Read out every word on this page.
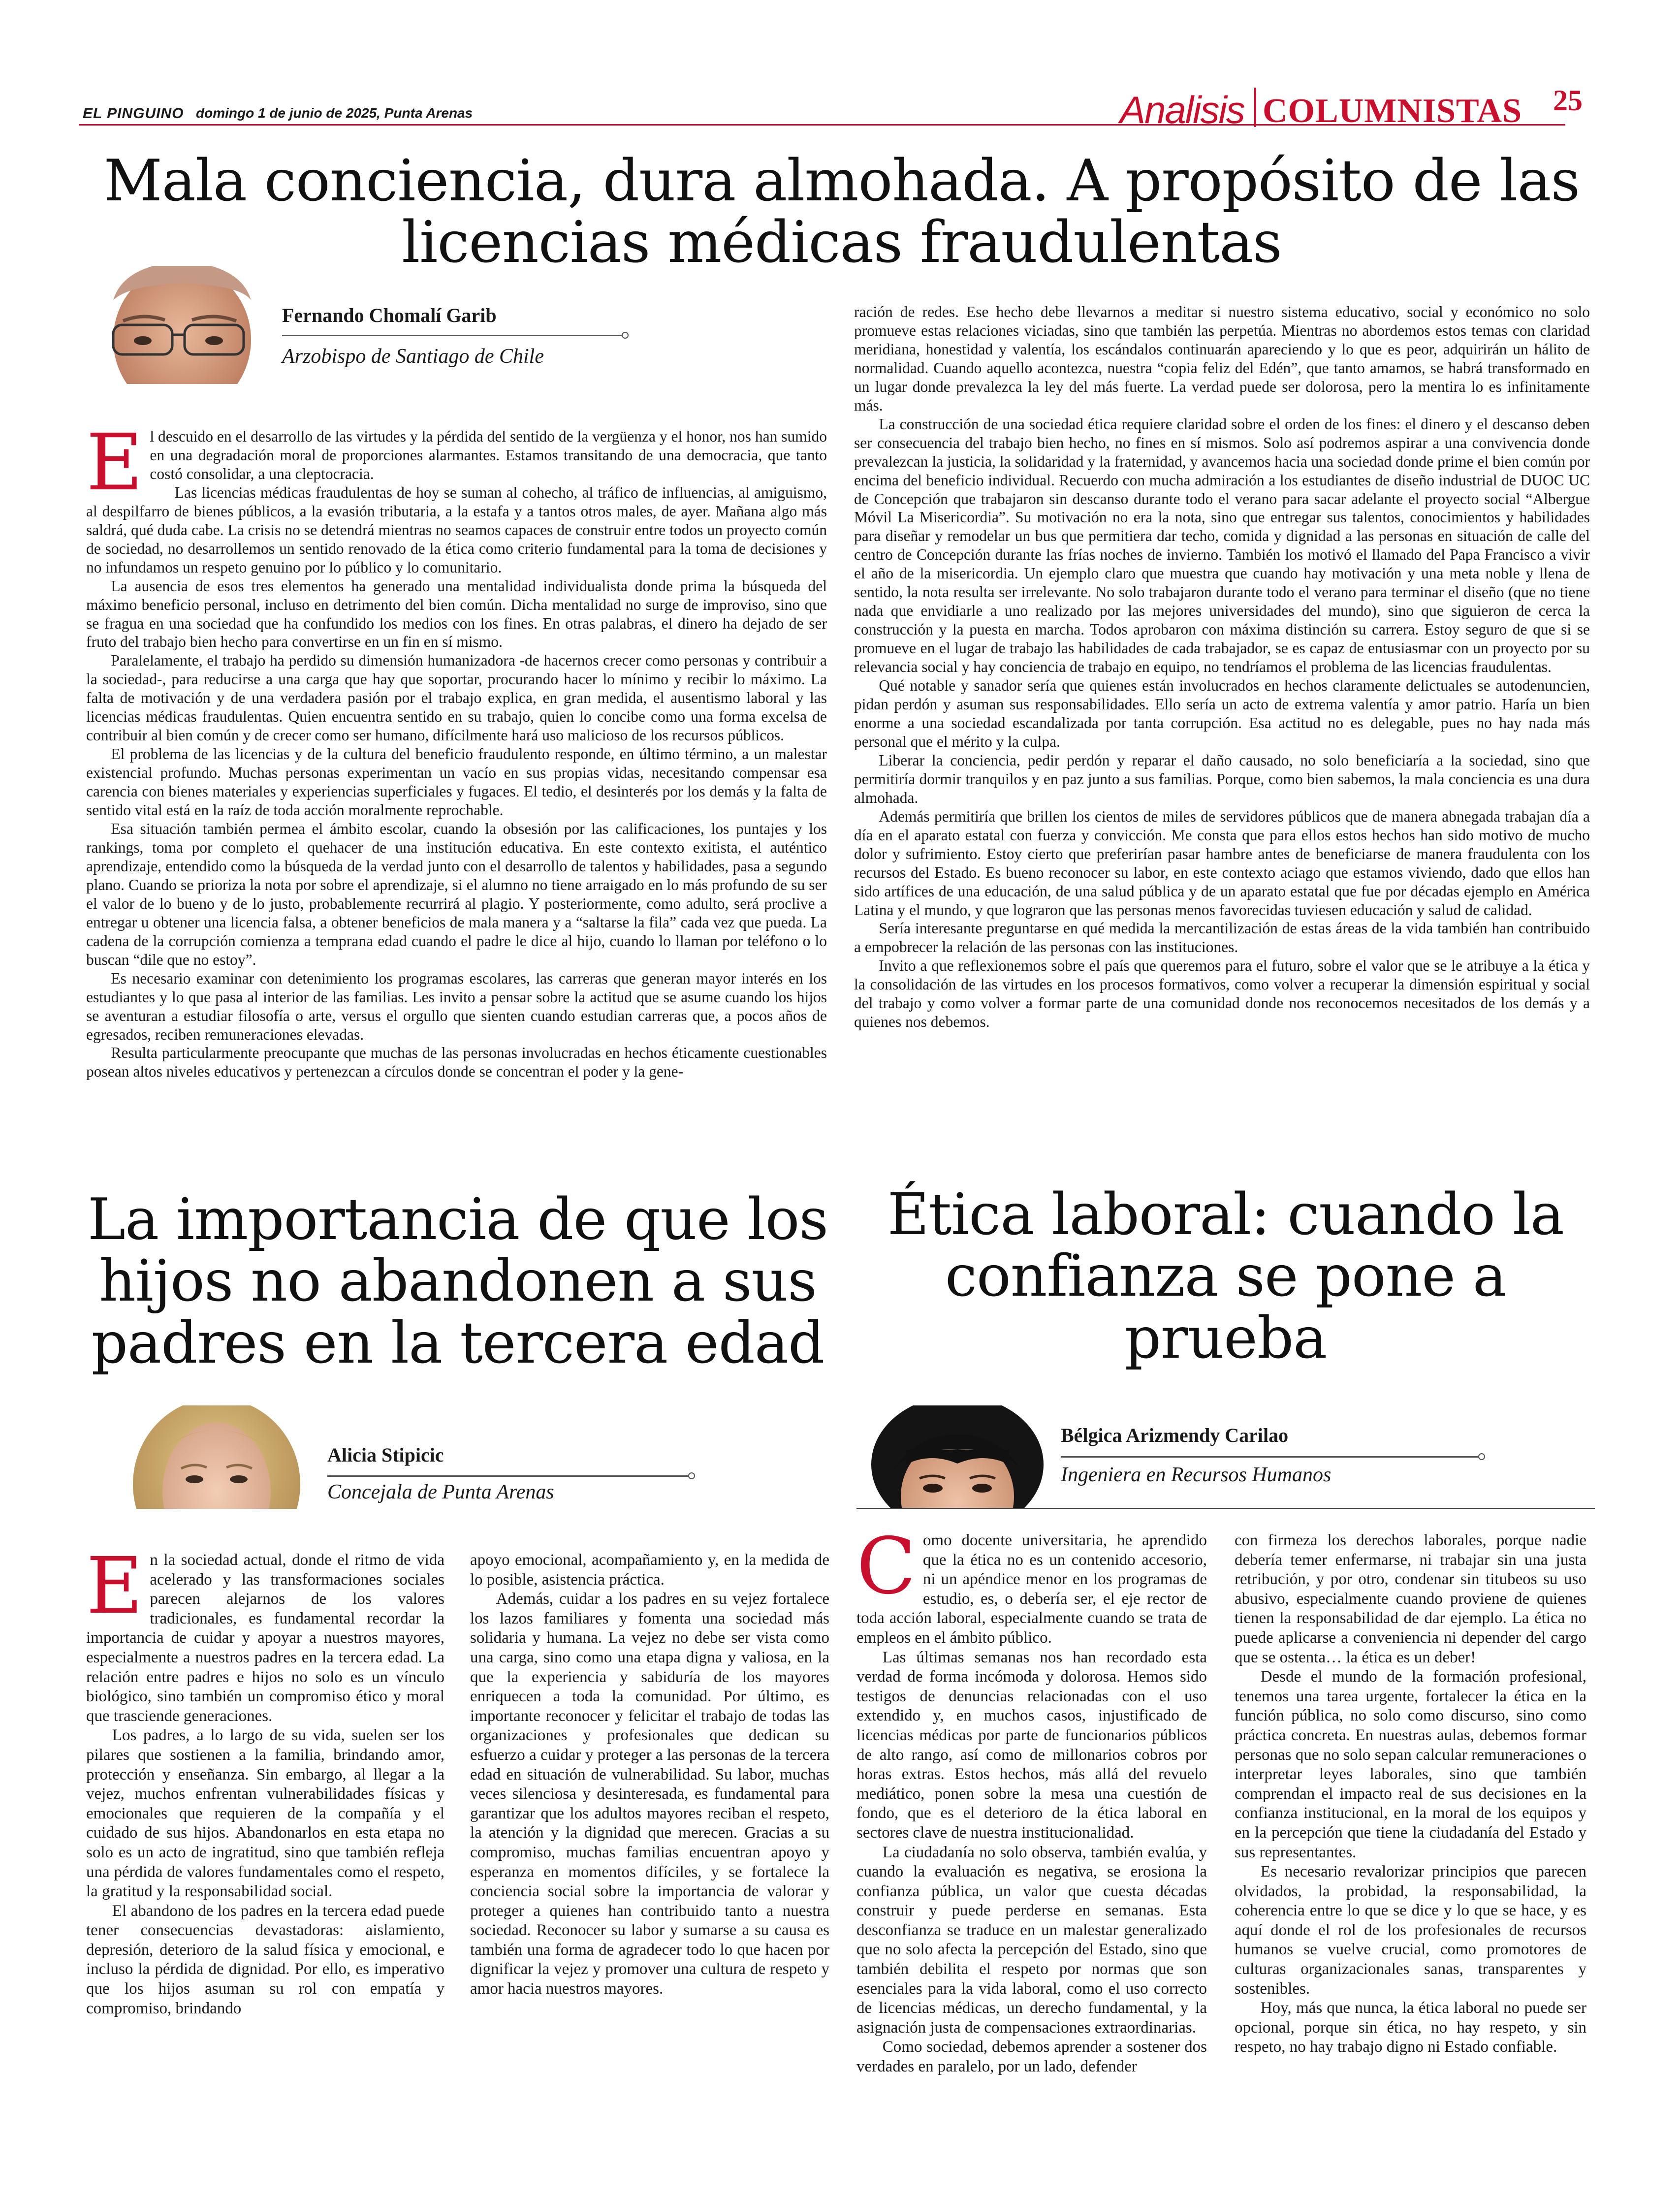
EL PINGUINO domingo 1 de junio de 2025, Punta Arenas	Analisis COLUMNISTAS 25
Mala conciencia, dura almohada. A propósito de las licencias médicas fraudulentas
Fernando Chomalí Garib
Arzobispo de Santiago de Chile
E l descuido en el desarrollo de las virtudes y la pérdida del sentido de la vergüenza y el honor, nos han sumido en una degradación moral de proporciones alarmantes. Estamos transitando de una democracia, que tanto costó consolidar, a una cleptocracia.

Las licencias médicas fraudulentas de hoy se suman al cohecho, al tráfico de influencias, al amiguismo, al despilfarro de bienes públicos, a la evasión tributaria, a la estafa y a tantos otros males, de ayer. Mañana algo más saldrá, qué duda cabe. La crisis no se detendrá mientras no seamos capaces de construir entre todos un proyecto común de sociedad, no desarrollemos un sentido renovado de la ética como criterio fundamental para la toma de decisiones y no infundamos un respeto genuino por lo público y lo comunitario.

La ausencia de esos tres elementos ha generado una mentalidad individualista donde prima la búsqueda del máximo beneficio personal, incluso en detrimento del bien común. Dicha mentalidad no surge de improviso, sino que se fragua en una sociedad que ha confundido los medios con los fines. En otras palabras, el dinero ha dejado de ser fruto del trabajo bien hecho para convertirse en un fin en sí mismo.

Paralelamente, el trabajo ha perdido su dimensión humanizadora -de hacernos crecer como personas y contribuir a la sociedad-, para reducirse a una carga que hay que soportar, procurando hacer lo mínimo y recibir lo máximo. La falta de motivación y de una verdadera pasión por el trabajo explica, en gran medida, el ausentismo laboral y las licencias médicas fraudulentas. Quien encuentra sentido en su trabajo, quien lo concibe como una forma excelsa de contribuir al bien común y de crecer como ser humano, difícilmente hará uso malicioso de los recursos públicos.

El problema de las licencias y de la cultura del beneficio fraudulento responde, en último término, a un malestar existencial profundo. Muchas personas experimentan un vacío en sus propias vidas, necesitando compensar esa carencia con bienes materiales y experiencias superficiales y fugaces. El tedio, el desinterés por los demás y la falta de sentido vital está en la raíz de toda acción moralmente reprochable.

Esa situación también permea el ámbito escolar, cuando la obsesión por las calificaciones, los puntajes y los rankings, toma por completo el quehacer de una institución educativa. En este contexto exitista, el auténtico aprendizaje, entendido como la búsqueda de la verdad junto con el desarrollo de talentos y habilidades, pasa a segundo plano. Cuando se prioriza la nota por sobre el aprendizaje, si el alumno no tiene arraigado en lo más profundo de su ser el valor de lo bueno y de lo justo, probablemente recurrirá al plagio. Y posteriormente, como adulto, será proclive a entregar u obtener una licencia falsa, a obtener beneficios de mala manera y a “saltarse la fila” cada vez que pueda. La cadena de la corrupción comienza a temprana edad cuando el padre le dice al hijo, cuando lo llaman por teléfono o lo buscan “dile que no estoy”.

Es necesario examinar con detenimiento los programas escolares, las carreras que generan mayor interés en los estudiantes y lo que pasa al interior de las familias. Les invito a pensar sobre la actitud que se asume cuando los hijos se aventuran a estudiar filosofía o arte, versus el orgullo que sienten cuando estudian carreras que, a pocos años de egresados, reciben remuneraciones elevadas.

Resulta particularmente preocupante que muchas de las personas involucradas en hechos éticamente cuestionables posean altos niveles educativos y pertenezcan a círculos donde se concentran el poder y la gene-

ración de redes. Ese hecho debe llevarnos a meditar si nuestro sistema educativo, social y económico no solo promueve estas relaciones viciadas, sino que también las perpetúa. Mientras no abordemos estos temas con claridad meridiana, honestidad y valentía, los escándalos continuarán apareciendo y lo que es peor, adquirirán un hálito de normalidad. Cuando aquello acontezca, nuestra “copia feliz del Edén”, que tanto amamos, se habrá transformado en un lugar donde prevalezca la ley del más fuerte. La verdad puede ser dolorosa, pero la mentira lo es infinitamente más.

La construcción de una sociedad ética requiere claridad sobre el orden de los fines: el dinero y el descanso deben ser consecuencia del trabajo bien hecho, no fines en sí mismos. Solo así podremos aspirar a una convivencia donde prevalezcan la justicia, la solidaridad y la fraternidad, y avancemos hacia una sociedad donde prime el bien común por encima del beneficio individual. Recuerdo con mucha admiración a los estudiantes de diseño industrial de DUOC UC de Concepción que trabajaron sin descanso durante todo el verano para sacar adelante el proyecto social “Albergue Móvil La Misericordia”. Su motivación no era la nota, sino que entregar sus talentos, conocimientos y habilidades para diseñar y remodelar un bus que permitiera dar techo, comida y dignidad a las personas en situación de calle del centro de Concepción durante las frías noches de invierno. También los motivó el llamado del Papa Francisco a vivir el año de la misericordia. Un ejemplo claro que muestra que cuando hay motivación y una meta noble y llena de sentido, la nota resulta ser irrelevante. No solo trabajaron durante todo el verano para terminar el diseño (que no tiene nada que envidiarle a uno realizado por las mejores universidades del mundo), sino que siguieron de cerca la construcción y la puesta en marcha. Todos aprobaron con máxima distinción su carrera. Estoy seguro de que si se promueve en el lugar de trabajo las habilidades de cada trabajador, se es capaz de entusiasmar con un proyecto por su relevancia social y hay conciencia de trabajo en equipo, no tendríamos el problema de las licencias fraudulentas.

Qué notable y sanador sería que quienes están involucrados en hechos claramente delictuales se autodenuncien, pidan perdón y asuman sus responsabilidades. Ello sería un acto de extrema valentía y amor patrio. Haría un bien enorme a una sociedad escandalizada por tanta corrupción. Esa actitud no es delegable, pues no hay nada más personal que el mérito y la culpa.

Liberar la conciencia, pedir perdón y reparar el daño causado, no solo beneficiaría a la sociedad, sino que permitiría dormir tranquilos y en paz junto a sus familias. Porque, como bien sabemos, la mala conciencia es una dura almohada.

Además permitiría que brillen los cientos de miles de servidores públicos que de manera abnegada trabajan día a día en el aparato estatal con fuerza y convicción. Me consta que para ellos estos hechos han sido motivo de mucho dolor y sufrimiento. Estoy cierto que preferirían pasar hambre antes de beneficiarse de manera fraudulenta con los recursos del Estado. Es bueno reconocer su labor, en este contexto aciago que estamos viviendo, dado que ellos han sido artífices de una educación, de una salud pública y de un aparato estatal que fue por décadas ejemplo en América Latina y el mundo, y que lograron que las personas menos favorecidas tuviesen educación y salud de calidad.

Sería interesante preguntarse en qué medida la mercantilización de estas áreas de la vida también han contribuido a empobrecer la relación de las personas con las instituciones.

Invito a que reflexionemos sobre el país que queremos para el futuro, sobre el valor que se le atribuye a la ética y la consolidación de las virtudes en los procesos formativos, como volver a recuperar la dimensión espiritual y social del trabajo y como volver a formar parte de una comunidad donde nos reconocemos necesitados de los demás y a quienes nos debemos.

La importancia de que los hijos no abandonen a sus padres en la tercera edad
Alicia Stipicic
Concejala de Punta Arenas
E n la sociedad actual, donde el ritmo de vida acelerado y las transformaciones sociales parecen alejarnos de los valores tradicionales, es fundamental recordar la importancia de cuidar y apoyar a nuestros mayores, especialmente a nuestros padres en la tercera edad. La relación entre padres e hijos no solo es un vínculo biológico, sino también un compromiso ético y moral que trasciende generaciones.

Los padres, a lo largo de su vida, suelen ser los pilares que sostienen a la familia, brindando amor, protección y enseñanza. Sin embargo, al llegar a la vejez, muchos enfrentan vulnerabilidades físicas y emocionales que requieren de la compañía y el cuidado de sus hijos. Abandonarlos en esta etapa no solo es un acto de ingratitud, sino que también refleja una pérdida de valores fundamentales como el respeto, la gratitud y la responsabilidad social.

El abandono de los padres en la tercera edad puede tener consecuencias devastadoras: aislamiento, depresión, deterioro de la salud física y emocional, e incluso la pérdida de dignidad. Por ello, es imperativo que los hijos asuman su rol con empatía y compromiso, brindando

apoyo emocional, acompañamiento y, en la medida de lo posible, asistencia práctica.

Además, cuidar a los padres en su vejez fortalece los lazos familiares y fomenta una sociedad más solidaria y humana. La vejez no debe ser vista como una carga, sino como una etapa digna y valiosa, en la que la experiencia y sabiduría de los mayores enriquecen a toda la comunidad. Por último, es importante reconocer y felicitar el trabajo de todas las organizaciones y profesionales que dedican su esfuerzo a cuidar y proteger a las personas de la tercera edad en situación de vulnerabilidad. Su labor, muchas veces silenciosa y desinteresada, es fundamental para garantizar que los adultos mayores reciban el respeto, la atención y la dignidad que merecen. Gracias a su compromiso, muchas familias encuentran apoyo y esperanza en momentos difíciles, y se fortalece la conciencia social sobre la importancia de valorar y proteger a quienes han contribuido tanto a nuestra sociedad. Reconocer su labor y sumarse a su causa es también una forma de agradecer todo lo que hacen por dignificar la vejez y promover una cultura de respeto y amor hacia nuestros mayores.

Ética laboral: cuando la confianza se pone a prueba
Bélgica Arizmendy Carilao
Ingeniera en Recursos Humanos
C omo docente universitaria, he aprendido que la ética no es un contenido accesorio, ni un apéndice menor en los programas de estudio, es, o debería ser, el eje rector de toda acción laboral, especialmente cuando se trata de empleos en el ámbito público.

Las últimas semanas nos han recordado esta verdad de forma incómoda y dolorosa. Hemos sido testigos de denuncias relacionadas con el uso extendido y, en muchos casos, injustificado de licencias médicas por parte de funcionarios públicos de alto rango, así como de millonarios cobros por horas extras. Estos hechos, más allá del revuelo mediático, ponen sobre la mesa una cuestión de fondo, que es el deterioro de la ética laboral en sectores clave de nuestra institucionalidad.

La ciudadanía no solo observa, también evalúa, y cuando la evaluación es negativa, se erosiona la confianza pública, un valor que cuesta décadas construir y puede perderse en semanas. Esta desconfianza se traduce en un malestar generalizado que no solo afecta la percepción del Estado, sino que también debilita el respeto por normas que son esenciales para la vida laboral, como el uso correcto de licencias médicas, un derecho fundamental, y la asignación justa de compensaciones extraordinarias.

Como sociedad, debemos aprender a sostener dos verdades en paralelo, por un lado, defender

con firmeza los derechos laborales, porque nadie debería temer enfermarse, ni trabajar sin una justa retribución, y por otro, condenar sin titubeos su uso abusivo, especialmente cuando proviene de quienes tienen la responsabilidad de dar ejemplo. La ética no puede aplicarse a conveniencia ni depender del cargo que se ostenta… la ética es un deber!

Desde el mundo de la formación profesional, tenemos una tarea urgente, fortalecer la ética en la función pública, no solo como discurso, sino como práctica concreta. En nuestras aulas, debemos formar personas que no solo sepan calcular remuneraciones o interpretar leyes laborales, sino que también comprendan el impacto real de sus decisiones en la confianza institucional, en la moral de los equipos y en la percepción que tiene la ciudadanía del Estado y sus representantes.

Es necesario revalorizar principios que parecen olvidados, la probidad, la responsabilidad, la coherencia entre lo que se dice y lo que se hace, y es aquí donde el rol de los profesionales de recursos humanos se vuelve crucial, como promotores de culturas organizacionales sanas, transparentes y sostenibles.

Hoy, más que nunca, la ética laboral no puede ser opcional, porque sin ética, no hay respeto, y sin respeto, no hay trabajo digno ni Estado confiable.
